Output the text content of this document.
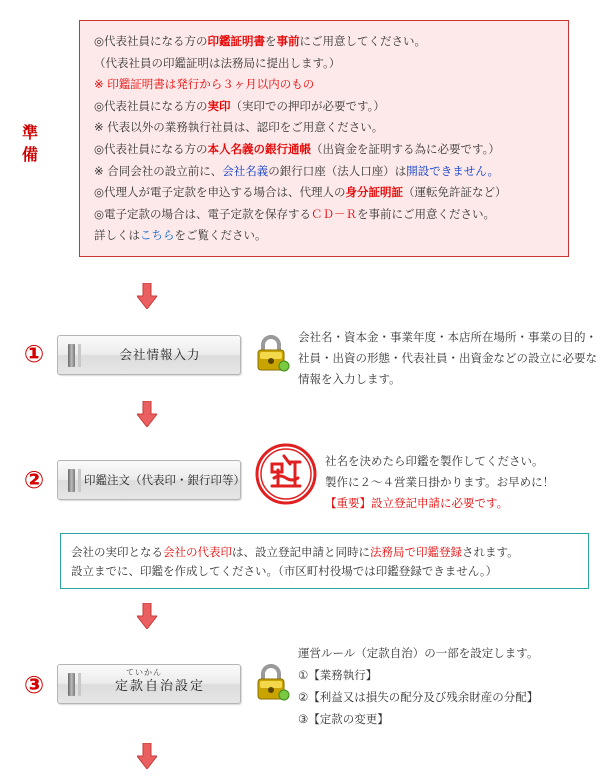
準備
◎代表社員になる方の印鑑証明書を事前にご用意してください。
（代表社員の印鑑証明は法務局に提出します。）
※ 印鑑証明書は発行から３ヶ月以内のもの
◎代表社員になる方の実印（実印での押印が必要です。）
※ 代表以外の業務執行社員は、認印をご用意ください。
◎代表社員になる方の本人名義の銀行通帳（出資金を証明する為に必要です。）
※ 合同会社の設立前に、会社名義の銀行口座（法人口座）は開設できません。
◎代理人が電子定款を申込する場合は、代理人の身分証明証（運転免許証など）
◎電子定款の場合は、電子定款を保存するＣＤ－Ｒを事前にご用意ください。
詳しくはこちらをご覧ください。
①	会社情報入力
会社名・資本金・事業年度・本店所在場所・事業の目的・
社員・出資の形態・代表社員・出資金などの設立に必要な
情報を入力します。
②	印鑑注文（代表印・銀行印等）
社名を決めたら印鑑を製作してください。
製作に２～４営業日掛かります。お早めに！
【重要】設立登記申請に必要です。
会社の実印となる会社の代表印は、設立登記申請と同時に法務局で印鑑登録されます。
設立までに、印鑑を作成してください。（市区町村役場では印鑑登録できません。）
③	ていかん
定款自治設定
運営ルール（定款自治）の一部を設定します。
①【業務執行】
②【利益又は損失の配分及び残余財産の分配】
③【定款の変更】
